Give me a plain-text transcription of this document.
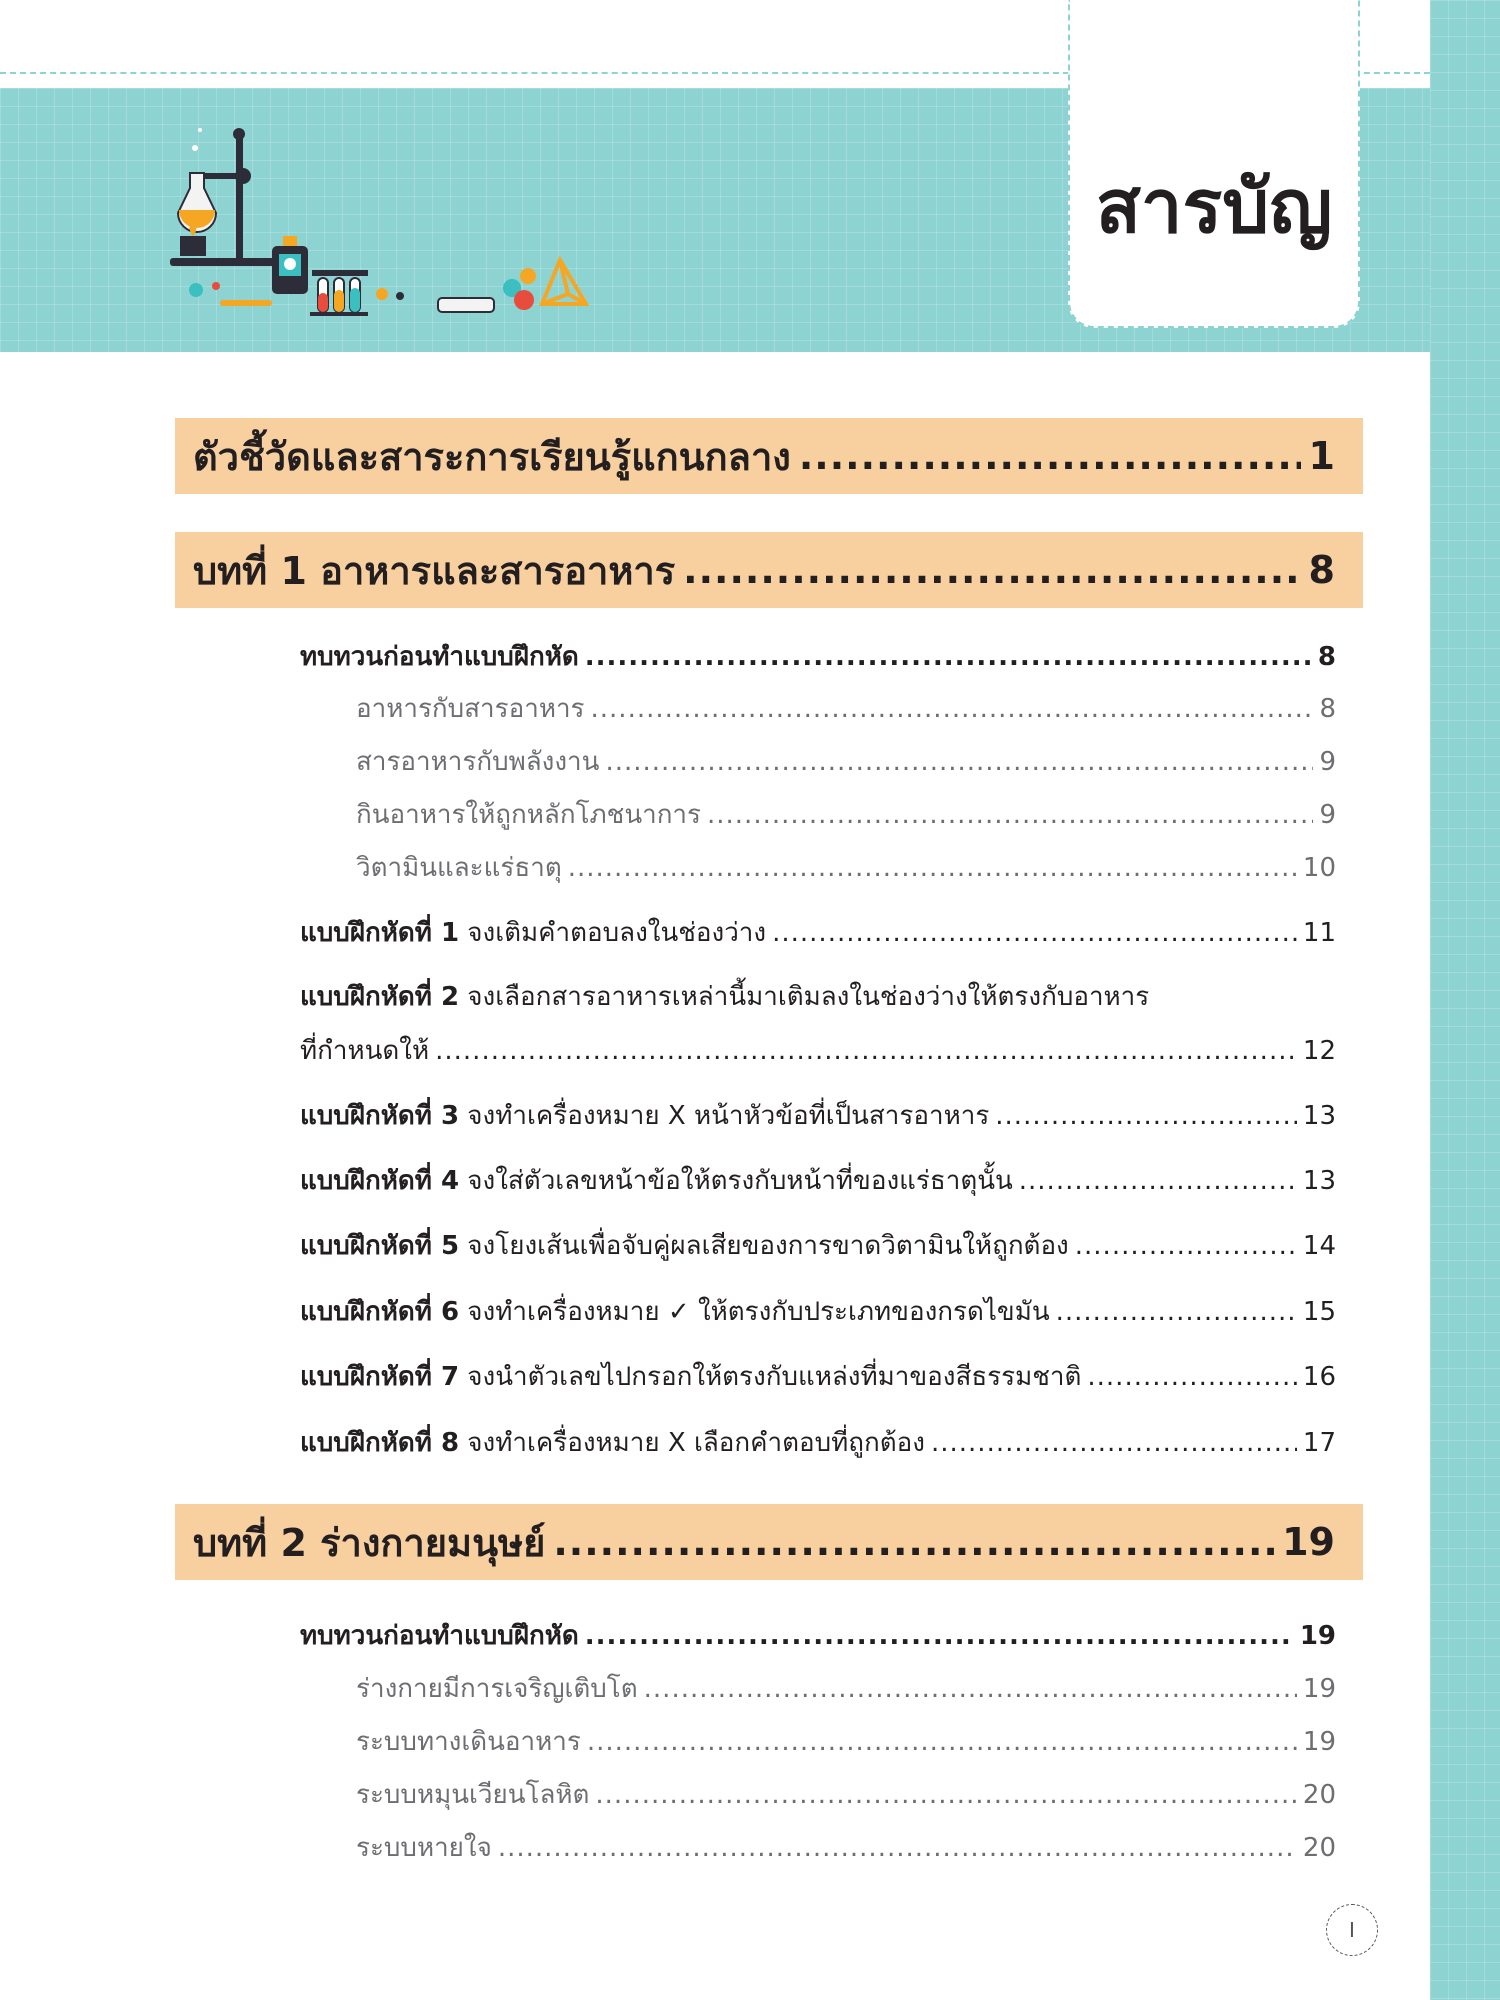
สารบัญ
ตัวชี้วัดและสาระการเรียนรู้แกนกลาง .....	1
บทที่ 1 อาหารและสารอาหาร .....	8
ทบทวนก่อนทำแบบฝึกหัด .....	8
อาหารกับสารอาหาร .....	8
สารอาหารกับพลังงาน .....	9
กินอาหารให้ถูกหลักโภชนาการ .....	9
วิตามินและแร่ธาตุ .....	10
แบบฝึกหัดที่ 1 จงเติมคำตอบลงในช่องว่าง .....	11
แบบฝึกหัดที่ 2 จงเลือกสารอาหารเหล่านี้มาเติมลงในช่องว่างให้ตรงกับอาหาร
ที่กำหนดให้ .....	12
แบบฝึกหัดที่ 3 จงทำเครื่องหมาย X หน้าหัวข้อที่เป็นสารอาหาร .....	13
แบบฝึกหัดที่ 4 จงใส่ตัวเลขหน้าข้อให้ตรงกับหน้าที่ของแร่ธาตุนั้น .....	13
แบบฝึกหัดที่ 5 จงโยงเส้นเพื่อจับคู่ผลเสียของการขาดวิตามินให้ถูกต้อง .....	14
แบบฝึกหัดที่ 6 จงทำเครื่องหมาย ✓ ให้ตรงกับประเภทของกรดไขมัน .....	15
แบบฝึกหัดที่ 7 จงนำตัวเลขไปกรอกให้ตรงกับแหล่งที่มาของสีธรรมชาติ .....	16
แบบฝึกหัดที่ 8 จงทำเครื่องหมาย X เลือกคำตอบที่ถูกต้อง .....	17
บทที่ 2 ร่างกายมนุษย์ .....	19
ทบทวนก่อนทำแบบฝึกหัด .....	19
ร่างกายมีการเจริญเติบโต .....	19
ระบบทางเดินอาหาร .....	19
ระบบหมุนเวียนโลหิต .....	20
ระบบหายใจ .....	20
I
